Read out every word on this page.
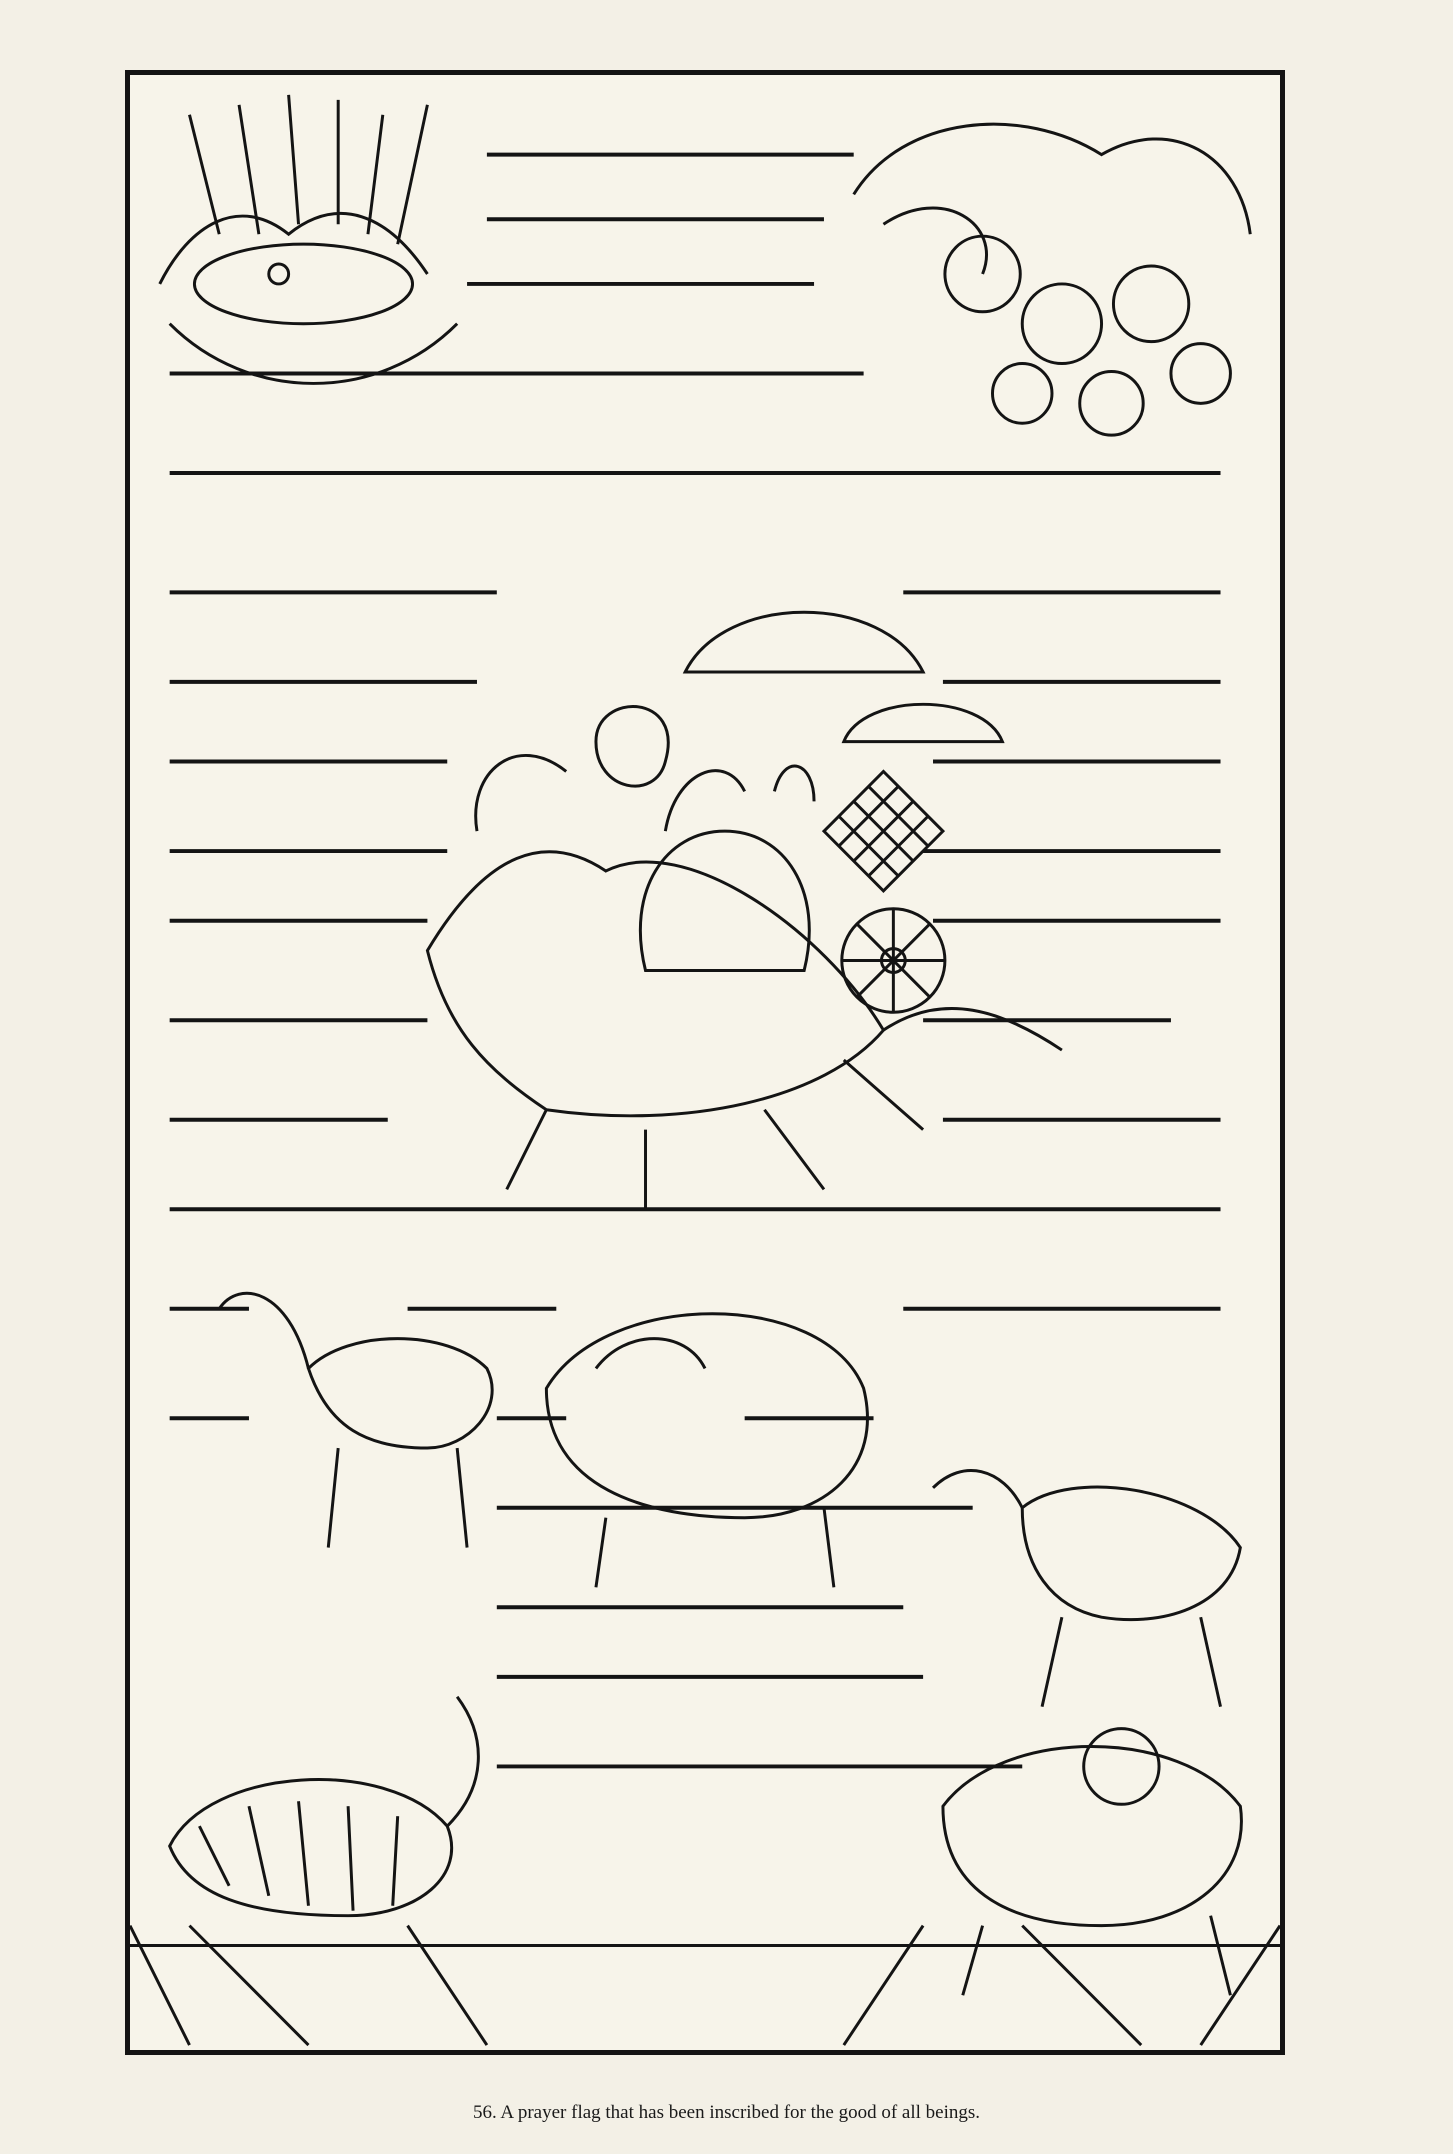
56. A prayer flag that has been inscribed for the good of all beings.
